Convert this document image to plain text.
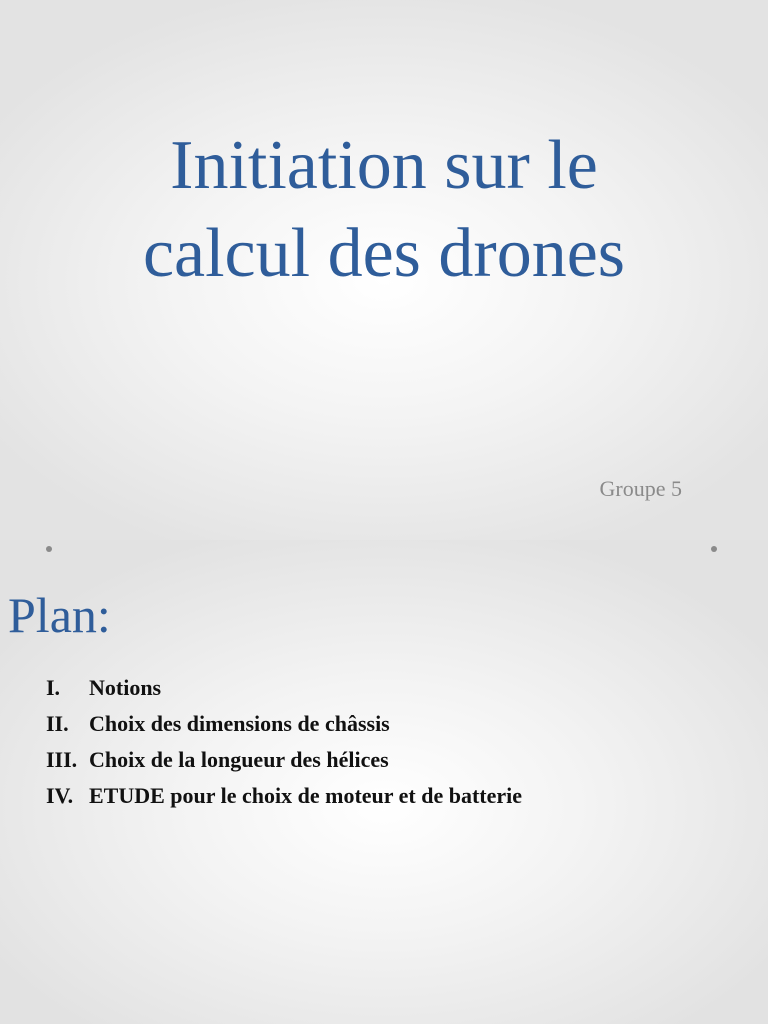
Initiation sur le
calcul des drones

Groupe 5

Plan:
I.	Notions
II. Choix des dimensions de châssis
III. Choix de la longueur des hélices
IV. ETUDE pour le choix de moteur et de batterie
